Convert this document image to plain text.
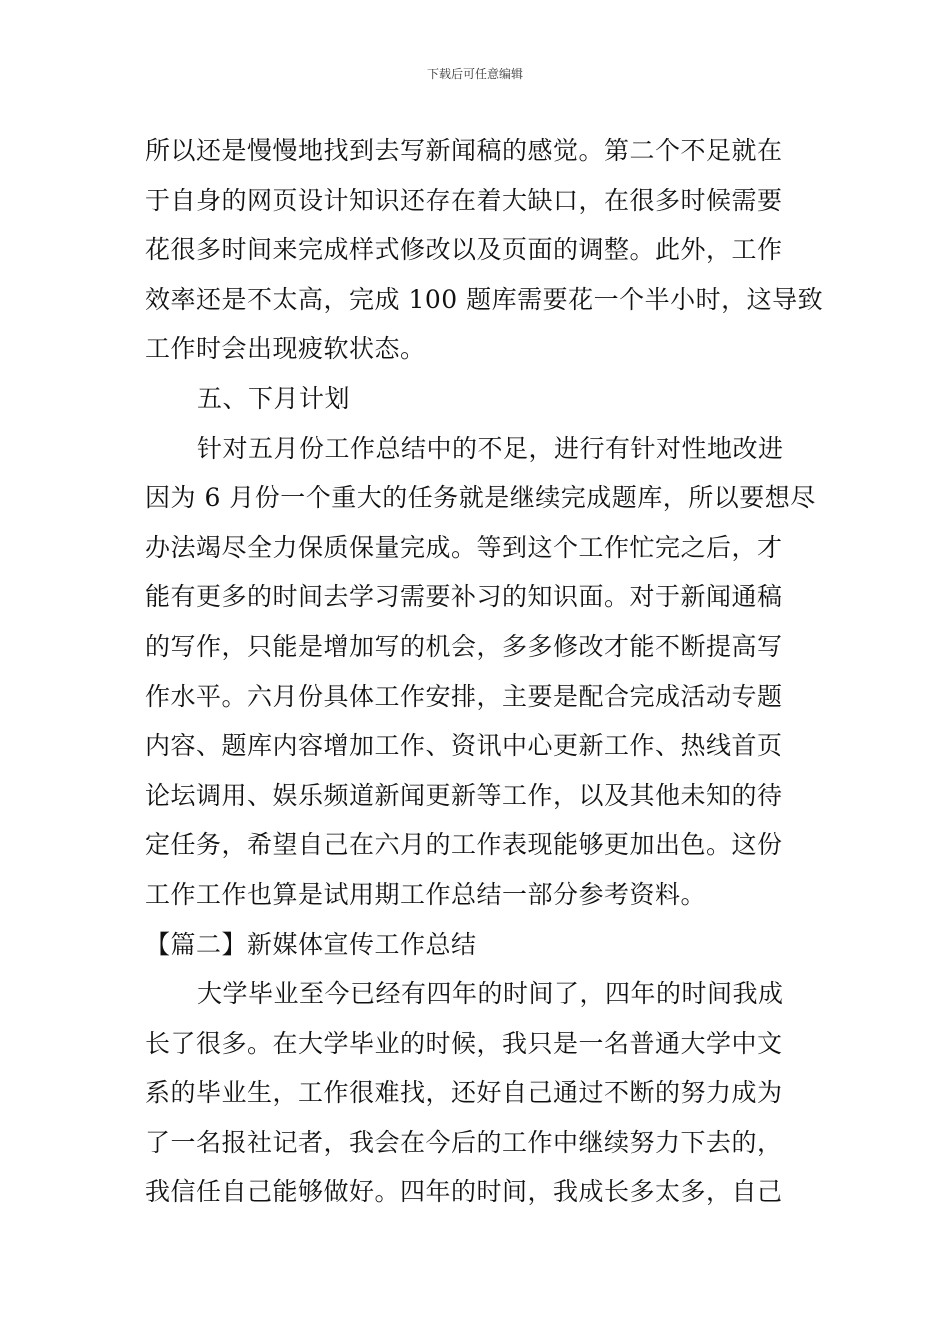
下载后可任意编辑
所以还是慢慢地找到去写新闻稿的感觉。第二个不足就在
于自身的网页设计知识还存在着大缺口，在很多时候需要
花很多时间来完成样式修改以及页面的调整。此外，工作
效率还是不太高，完成 100 题库需要花一个半小时，这导致
工作时会出现疲软状态。
五、下月计划
针对五月份工作总结中的不足，进行有针对性地改进
因为 6 月份一个重大的任务就是继续完成题库，所以要想尽
办法竭尽全力保质保量完成。等到这个工作忙完之后，才
能有更多的时间去学习需要补习的知识面。对于新闻通稿
的写作，只能是增加写的机会，多多修改才能不断提高写
作水平。六月份具体工作安排，主要是配合完成活动专题
内容、题库内容增加工作、资讯中心更新工作、热线首页
论坛调用、娱乐频道新闻更新等工作，以及其他未知的待
定任务，希望自己在六月的工作表现能够更加出色。这份
工作工作也算是试用期工作总结一部分参考资料。
【篇二】新媒体宣传工作总结
大学毕业至今已经有四年的时间了，四年的时间我成
长了很多。在大学毕业的时候，我只是一名普通大学中文
系的毕业生，工作很难找，还好自己通过不断的努力成为
了一名报社记者，我会在今后的工作中继续努力下去的，
我信任自己能够做好。四年的时间，我成长多太多，自己
